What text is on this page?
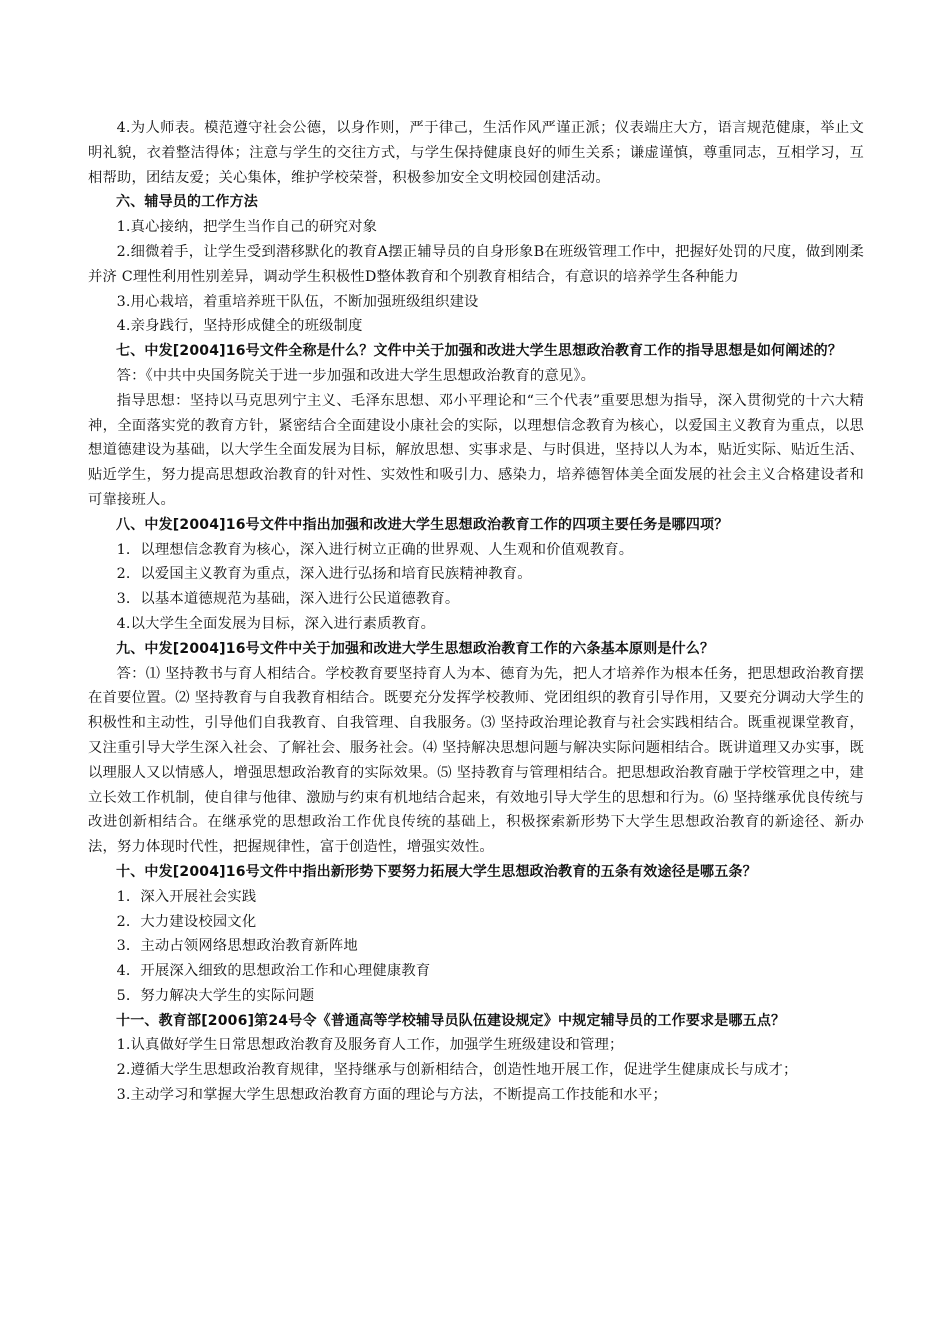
4.为人师表。模范遵守社会公德，以身作则，严于律己，生活作风严谨正派；仪表端庄大方，语言规范健康，举止文明礼貌，衣着整洁得体；注意与学生的交往方式，与学生保持健康良好的师生关系；谦虚谨慎，尊重同志，互相学习，互相帮助，团结友爱；关心集体，维护学校荣誉，积极参加安全文明校园创建活动。

六、辅导员的工作方法

1.真心接纳，把学生当作自己的研究对象

2.细微着手，让学生受到潜移默化的教育A摆正辅导员的自身形象B在班级管理工作中，把握好处罚的尺度，做到刚柔并济 C理性利用性别差异，调动学生积极性D整体教育和个别教育相结合，有意识的培养学生各种能力

3.用心栽培，着重培养班干队伍，不断加强班级组织建设

4.亲身践行，坚持形成健全的班级制度

七、中发[2004]16号文件全称是什么？文件中关于加强和改进大学生思想政治教育工作的指导思想是如何阐述的？

答：《中共中央国务院关于进一步加强和改进大学生思想政治教育的意见》。

指导思想：坚持以马克思列宁主义、毛泽东思想、邓小平理论和“三个代表”重要思想为指导，深入贯彻党的十六大精神，全面落实党的教育方针，紧密结合全面建设小康社会的实际，以理想信念教育为核心，以爱国主义教育为重点，以思想道德建设为基础，以大学生全面发展为目标，解放思想、实事求是、与时俱进，坚持以人为本，贴近实际、贴近生活、贴近学生，努力提高思想政治教育的针对性、实效性和吸引力、感染力，培养德智体美全面发展的社会主义合格建设者和可靠接班人。

八、中发[2004]16号文件中指出加强和改进大学生思想政治教育工作的四项主要任务是哪四项？

1．以理想信念教育为核心，深入进行树立正确的世界观、人生观和价值观教育。

2．以爱国主义教育为重点，深入进行弘扬和培育民族精神教育。

3．以基本道德规范为基础，深入进行公民道德教育。

4.以大学生全面发展为目标，深入进行素质教育。

九、中发[2004]16号文件中关于加强和改进大学生思想政治教育工作的六条基本原则是什么？

答：⑴ 坚持教书与育人相结合。学校教育要坚持育人为本、德育为先，把人才培养作为根本任务，把思想政治教育摆在首要位置。⑵ 坚持教育与自我教育相结合。既要充分发挥学校教师、党团组织的教育引导作用，又要充分调动大学生的积极性和主动性，引导他们自我教育、自我管理、自我服务。⑶ 坚持政治理论教育与社会实践相结合。既重视课堂教育，又注重引导大学生深入社会、了解社会、服务社会。⑷ 坚持解决思想问题与解决实际问题相结合。既讲道理又办实事，既以理服人又以情感人，增强思想政治教育的实际效果。⑸ 坚持教育与管理相结合。把思想政治教育融于学校管理之中，建立长效工作机制，使自律与他律、激励与约束有机地结合起来，有效地引导大学生的思想和行为。⑹ 坚持继承优良传统与改进创新相结合。在继承党的思想政治工作优良传统的基础上，积极探索新形势下大学生思想政治教育的新途径、新办法，努力体现时代性，把握规律性，富于创造性，增强实效性。

十、中发[2004]16号文件中指出新形势下要努力拓展大学生思想政治教育的五条有效途径是哪五条？

1．深入开展社会实践

2．大力建设校园文化

3．主动占领网络思想政治教育新阵地

4．开展深入细致的思想政治工作和心理健康教育

5．努力解决大学生的实际问题

十一、教育部[2006]第24号令《普通高等学校辅导员队伍建设规定》中规定辅导员的工作要求是哪五点？

1.认真做好学生日常思想政治教育及服务育人工作，加强学生班级建设和管理；

2.遵循大学生思想政治教育规律，坚持继承与创新相结合，创造性地开展工作，促进学生健康成长与成才；

3.主动学习和掌握大学生思想政治教育方面的理论与方法，不断提高工作技能和水平；
